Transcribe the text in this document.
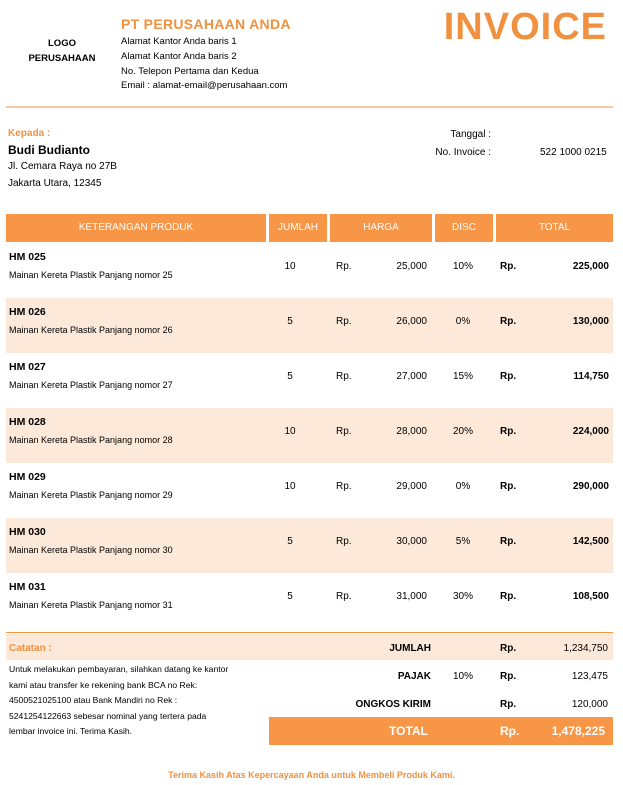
LOGO
PERUSAHAAN
PT PERUSAHAAN ANDA
Alamat Kantor Anda baris 1
Alamat Kantor Anda baris 2
No. Telepon Pertama dan Kedua
Email : alamat-email@perusahaan.com
INVOICE
Kepada :
Budi Budianto
Jl. Cemara Raya no 27B
Jakarta Utara, 12345
Tanggal :
No. Invoice :	522 1000 0215
KETERANGAN PRODUK	JUMLAH	HARGA	DISC	TOTAL
HM 025
Mainan Kereta Plastik Panjang nomor 25
10	Rp.	25,000	10%	Rp.	225,000
HM 026
Mainan Kereta Plastik Panjang nomor 26
5	Rp.	26,000	0%	Rp.	130,000
HM 027
Mainan Kereta Plastik Panjang nomor 27
5	Rp.	27,000	15%	Rp.	114,750
HM 028
Mainan Kereta Plastik Panjang nomor 28
10	Rp.	28,000	20%	Rp.	224,000
HM 029
Mainan Kereta Plastik Panjang nomor 29
10	Rp.	29,000	0%	Rp.	290,000
HM 030
Mainan Kereta Plastik Panjang nomor 30
5	Rp.	30,000	5%	Rp.	142,500
HM 031
Mainan Kereta Plastik Panjang nomor 31
5	Rp.	31,000	30%	Rp.	108,500
Catatan :
Untuk melakukan pembayaran, silahkan datang ke kantor
kami atau transfer ke rekening bank BCA no Rek:
4500521025100 atau Bank Mandiri no Rek :
5241254122663 sebesar nominal yang tertera pada
lembar invoice ini. Terima Kasih.
JUMLAH	Rp.	1,234,750
PAJAK 10%	Rp.	123,475
ONGKOS KIRIM	Rp.	120,000
TOTAL	Rp.	1,478,225
Terima Kasih Atas Kepercayaan Anda untuk Membeli Produk Kami.
